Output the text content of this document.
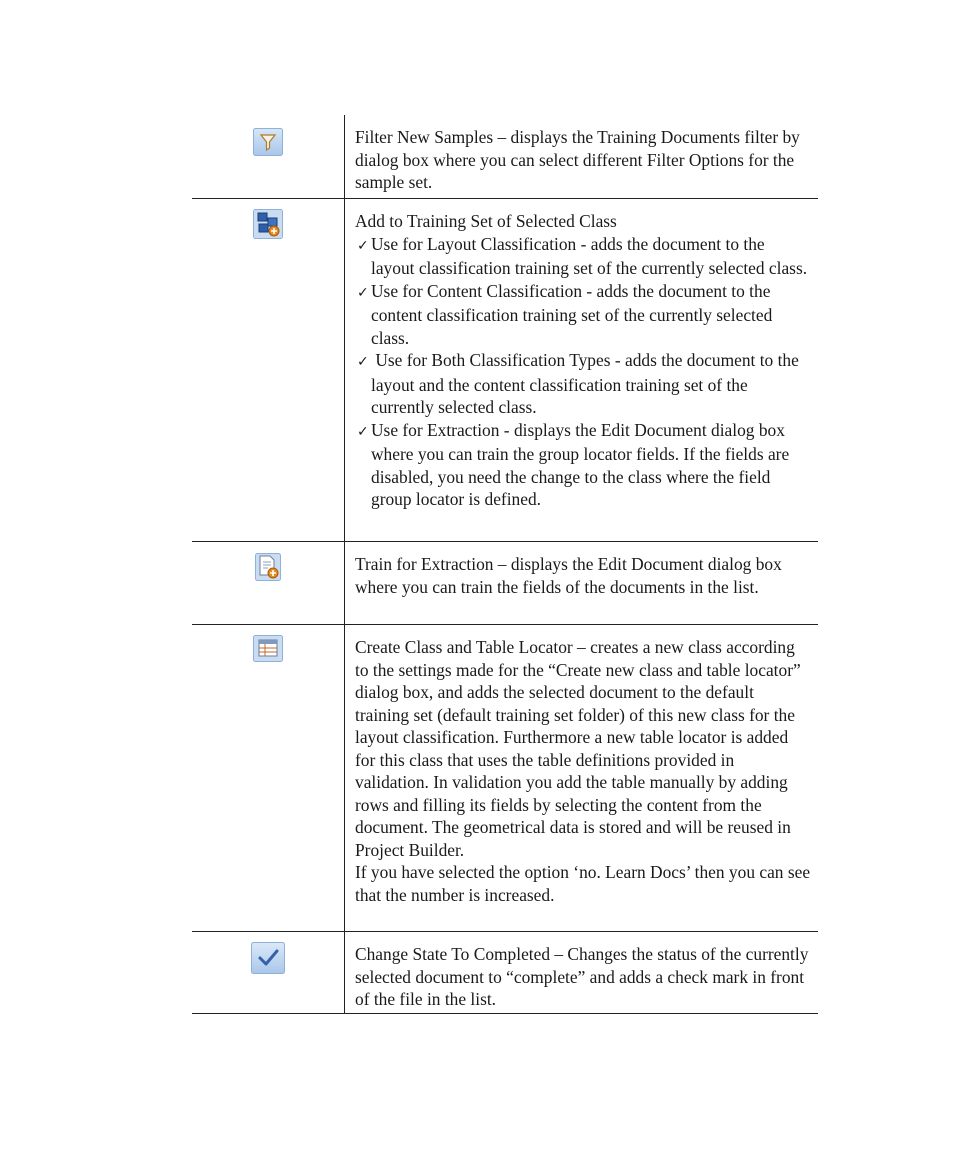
Filter New Samples – displays the Training Documents filter by dialog box where you can select different Filter Options for the sample set.

Add to Training Set of Selected Class

✓ Use for Layout Classification - adds the document to the layout classification training set of the currently selected class.

✓ Use for Content Classification - adds the document to the content classification training set of the currently selected class.

✓ Use for Both Classification Types - adds the document to the layout and the content classification training set of the currently selected class.

✓ Use for Extraction - displays the Edit Document dialog box where you can train the group locator fields. If the fields are disabled, you need the change to the class where the field group locator is defined.

Train for Extraction – displays the Edit Document dialog box where you can train the fields of the documents in the list.

Create Class and Table Locator – creates a new class according to the settings made for the “Create new class and table locator” dialog box, and adds the selected document to the default training set (default training set folder) of this new class for the layout classification. Furthermore a new table locator is added for this class that uses the table definitions provided in validation. In validation you add the table manually by adding rows and filling its fields by selecting the content from the document. The geometrical data is stored and will be reused in Project Builder.

If you have selected the option ‘no. Learn Docs’ then you can see that the number is increased.

Change State To Completed – Changes the status of the currently selected document to “complete” and adds a check mark in front of the file in the list.
